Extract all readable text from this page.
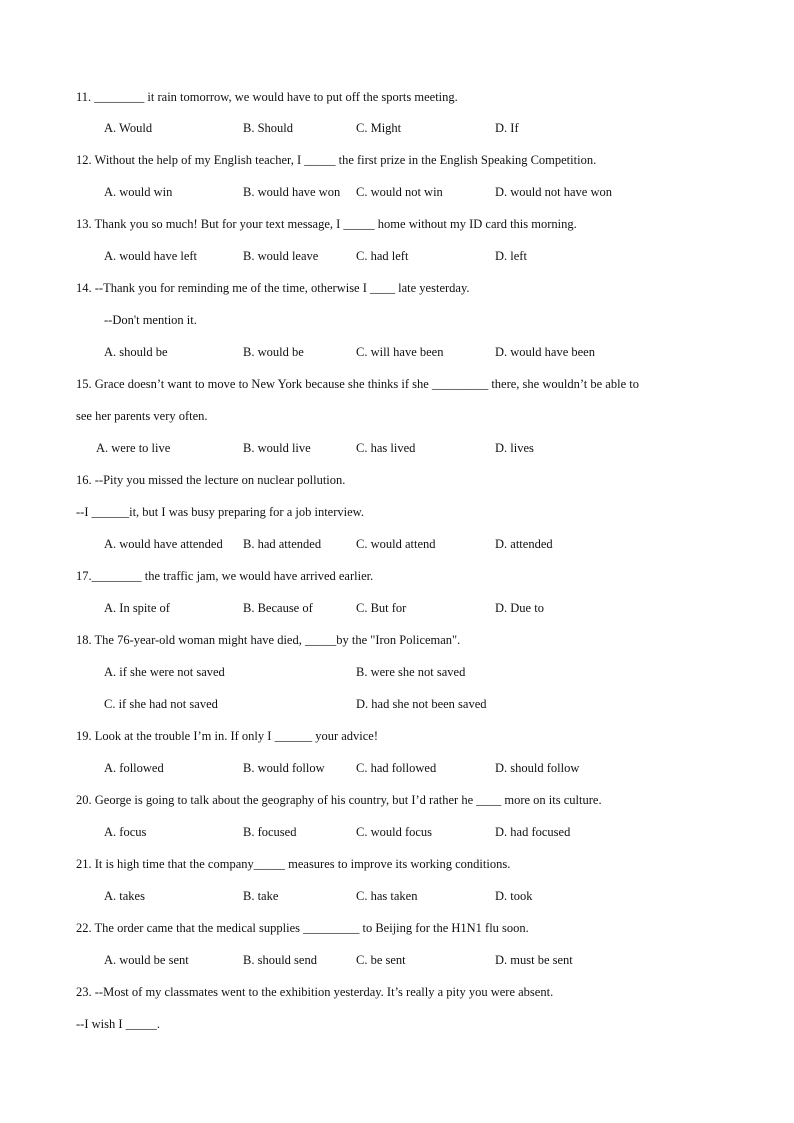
11. ________ it rain tomorrow, we would have to put off the sports meeting.
A. Would	B. Should	C. Might	D. If
12. Without the help of my English teacher, I _____ the first prize in the English Speaking Competition.
A. would win	B. would have won C. would not win	D. would not have won
13. Thank you so much! But for your text message, I _____ home without my ID card this morning.
A. would have left	B. would leave	C. had left	D. left
14. --Thank you for reminding me of the time, otherwise I ____ late yesterday.
--Don't mention it.
A. should be	B. would be	C. will have been	D. would have been
15. Grace doesn’t want to move to New York because she thinks if she _________ there, she wouldn’t be able to
see her parents very often.
A. were to live	B. would live	C. has lived	D. lives
16. --Pity you missed the lecture on nuclear pollution.
--I ______it, but I was busy preparing for a job interview.
A. would have attended B. had attended	C. would attend	D. attended
17.________ the traffic jam, we would have arrived earlier.
A. In spite of	B. Because of	C. But for	D. Due to
18. The 76-year-old woman might have died, _____by the "Iron Policeman".
A. if she were not saved	B. were she not saved
C. if she had not saved	D. had she not been saved
19. Look at the trouble I’m in. If only I ______ your advice!
A. followed	B. would follow	C. had followed	D. should follow
20. George is going to talk about the geography of his country, but I’d rather he ____ more on its culture.
A. focus	B. focused	C. would focus	D. had focused
21. It is high time that the company_____ measures to improve its working conditions.
A. takes	B. take	C. has taken	D. took
22. The order came that the medical supplies _________ to Beijing for the H1N1 flu soon.
A. would be sent	B. should send	C. be sent	D. must be sent
23. --Most of my classmates went to the exhibition yesterday. It’s really a pity you were absent.
--I wish I _____.
